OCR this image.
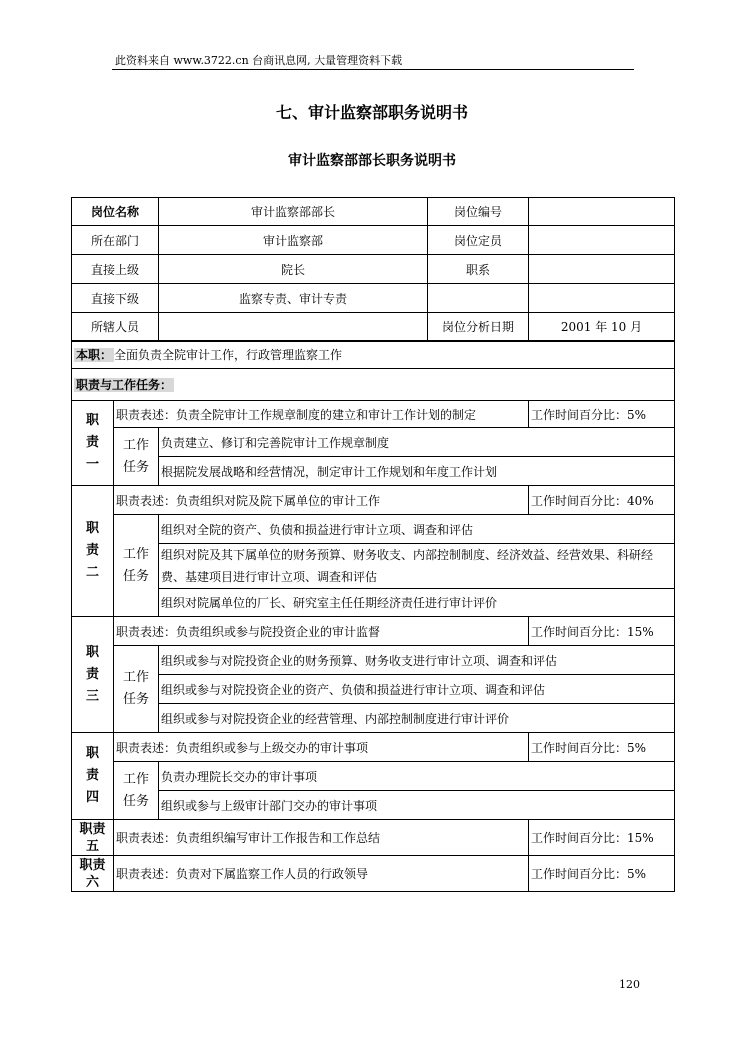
此资料来自 www.3722.cn 台商讯息网, 大量管理资料下载
七、审计监察部职务说明书
审计监察部部长职务说明书
岗位名称		审计监察部部长	岗位编号	
所在部门		审计监察部	岗位定员	
直接上级		院长	职系	
直接下级		监察专责、审计专责		
所辖人员			岗位分析日期	2001 年 10 月
本职： 全面负责全院审计工作，行政管理监察工作				
职责与工作任务：				
职责一	职责表述：负责全院审计工作规章制度的建立和审计工作计划的制定			工作时间百分比：5%
	工作任务	负责建立、修订和完善院审计工作规章制度		
		根据院发展战略和经营情况，制定审计工作规划和年度工作计划		
职责二	职责表述：负责组织对院及院下属单位的审计工作			工作时间百分比：40%
	工作任务	组织对全院的资产、负债和损益进行审计立项、调查和评估		
		组织对院及其下属单位的财务预算、财务收支、内部控制制度、经济效益、经营效果、科研经费、基建项目进行审计立项、调查和评估		
		组织对院属单位的厂长、研究室主任任期经济责任进行审计评价		
职责三	职责表述：负责组织或参与院投资企业的审计监督			工作时间百分比：15%
	工作任务	组织或参与对院投资企业的财务预算、财务收支进行审计立项、调查和评估		
		组织或参与对院投资企业的资产、负债和损益进行审计立项、调查和评估		
		组织或参与对院投资企业的经营管理、内部控制制度进行审计评价		
职责四	职责表述：负责组织或参与上级交办的审计事项			工作时间百分比：5%
	工作任务	负责办理院长交办的审计事项		
		组织或参与上级审计部门交办的审计事项		
职责五	职责表述：负责组织编写审计工作报告和工作总结			工作时间百分比：15%
职责六	职责表述：负责对下属监察工作人员的行政领导			工作时间百分比：5%
120
